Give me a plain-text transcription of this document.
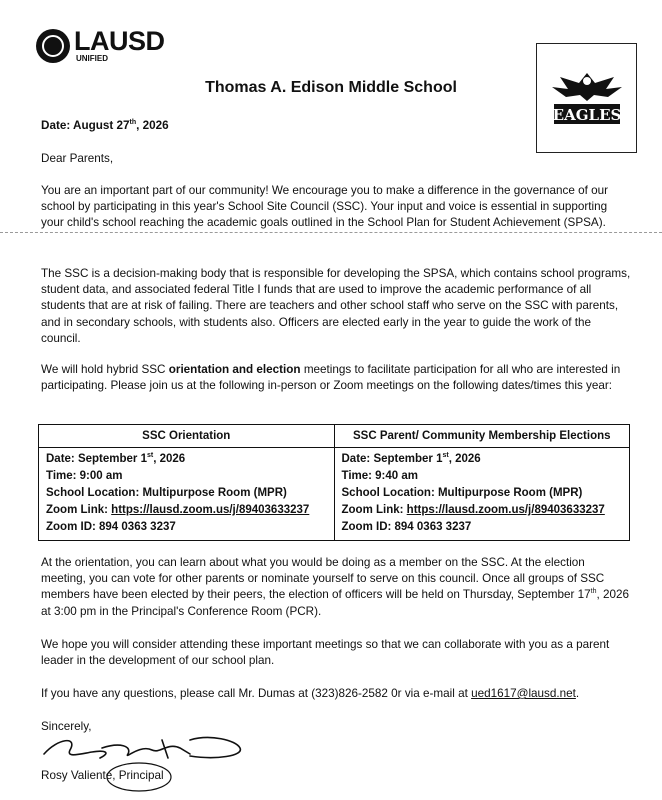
LAUSD
UNIFIED
Thomas A. Edison Middle School
EAGLES
Date: August 27th, 2026
Dear Parents,
You are an important part of our community! We encourage you to make a difference in the governance of our school by participating in this year's School Site Council (SSC). Your input and voice is essential in supporting your child's school reaching the academic goals outlined in the School Plan for Student Achievement (SPSA).
The SSC is a decision-making body that is responsible for developing the SPSA, which contains school programs, student data, and associated federal Title I funds that are used to improve the academic performance of all students that are at risk of failing. There are teachers and other school staff who serve on the SSC with parents, and in secondary schools, with students also. Officers are elected early in the year to guide the work of the council.
We will hold hybrid SSC orientation and election meetings to facilitate participation for all who are interested in participating. Please join us at the following in-person or Zoom meetings on the following dates/times this year:
SSC Orientation
Date: September 1st, 2026
Time: 9:00 am
School Location: Multipurpose Room (MPR)
Zoom Link: https://lausd.zoom.us/j/89403633237
Zoom ID: 894 0363 3237
SSC Parent/ Community Membership Elections
Date: September 1st, 2026
Time: 9:40 am
School Location: Multipurpose Room (MPR)
Zoom Link: https://lausd.zoom.us/j/89403633237
Zoom ID: 894 0363 3237
At the orientation, you can learn about what you would be doing as a member on the SSC. At the election meeting, you can vote for other parents or nominate yourself to serve on this council. Once all groups of SSC members have been elected by their peers, the election of officers will be held on Thursday, September 17th, 2026 at 3:00 pm in the Principal's Conference Room (PCR).
We hope you will consider attending these important meetings so that we can collaborate with you as a parent leader in the development of our school plan.
If you have any questions, please call Mr. Dumas at (323)826-2582 0r via e-mail at ued1617@lausd.net.
Sincerely,
Rosy Valiente, Principal
